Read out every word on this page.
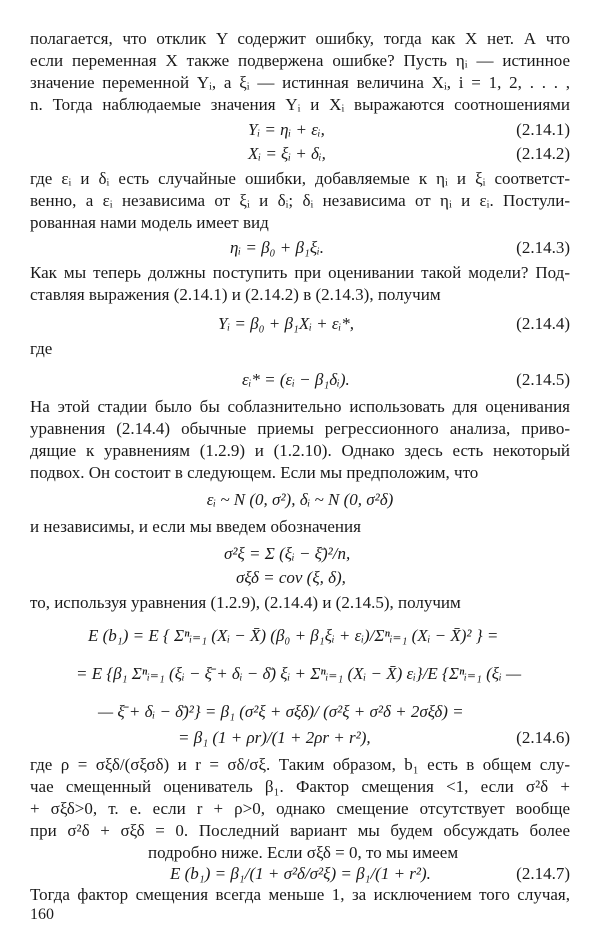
полагается, что отклик Y содержит ошибку, тогда как X нет. А что
если переменная X также подвержена ошибке? Пусть ηᵢ — истинное
значение переменной Yᵢ, а ξᵢ — истинная величина Xᵢ, i = 1, 2, . . . ,
n. Тогда наблюдаемые значения Yᵢ и Xᵢ выражаются соотношениями
Yᵢ = ηᵢ + εᵢ,	(2.14.1)
Xᵢ = ξᵢ + δᵢ,	(2.14.2)
где εᵢ и δᵢ есть случайные ошибки, добавляемые к ηᵢ и ξᵢ соответст-
венно, а εᵢ независима от ξᵢ и δᵢ; δᵢ независима от ηᵢ и εᵢ. Постули-
рованная нами модель имеет вид
ηᵢ = β₀ + β₁ξᵢ.	(2.14.3)
Как мы теперь должны поступить при оценивании такой модели? Под-
ставляя выражения (2.14.1) и (2.14.2) в (2.14.3), получим
Yᵢ = β₀ + β₁Xᵢ + εᵢ*,	(2.14.4)
где
εᵢ* = (εᵢ − β₁δᵢ).	(2.14.5)
На этой стадии было бы соблазнительно использовать для оценивания
уравнения (2.14.4) обычные приемы регрессионного анализа, приво-
дящие к уравнениям (1.2.9) и (1.2.10). Однако здесь есть некоторый
подвох. Он состоит в следующем. Если мы предположим, что
εᵢ ~ N (0, σ²), δᵢ ~ N (0, σ²δ)
и независимы, и если мы введем обозначения
σ²ξ = Σ (ξᵢ − ξ̄)²/n,
σξδ = cov (ξ, δ),
то, используя уравнения (1.2.9), (2.14.4) и (2.14.5), получим
E (b₁) = E { Σⁿᵢ₌₁ (Xᵢ − X̄) (β₀ + β₁ξᵢ + εᵢ)/Σⁿᵢ₌₁ (Xᵢ − X̄)² } =
= E {β₁ Σⁿᵢ₌₁ (ξᵢ − ξ̄ + δᵢ − δ̄) ξᵢ + Σⁿᵢ₌₁ (Xᵢ − X̄) εᵢ}/E {Σⁿᵢ₌₁ (ξᵢ —
— ξ̄ + δᵢ − δ̄)²} = β₁ (σ²ξ + σξδ)/ (σ²ξ + σ²δ + 2σξδ) =
= β₁ (1 + ρr)/(1 + 2ρr + r²),	(2.14.6)
где ρ = σξδ/(σξσδ) и r = σδ/σξ. Таким образом, b₁ есть в общем слу-
чае смещенный оцениватель β₁. Фактор смещения <1, если σ²δ +
+ σξδ>0, т. е. если r + ρ>0, однако смещение отсутствует вообще
при σ²δ + σξδ = 0. Последний вариант мы будем обсуждать более
подробно ниже. Если σξδ = 0, то мы имеем
E (b₁) = β₁/(1 + σ²δ/σ²ξ) = β₁/(1 + r²).	(2.14.7)
160
Тогда фактор смещения всегда меньше 1, за исключением того случая,
